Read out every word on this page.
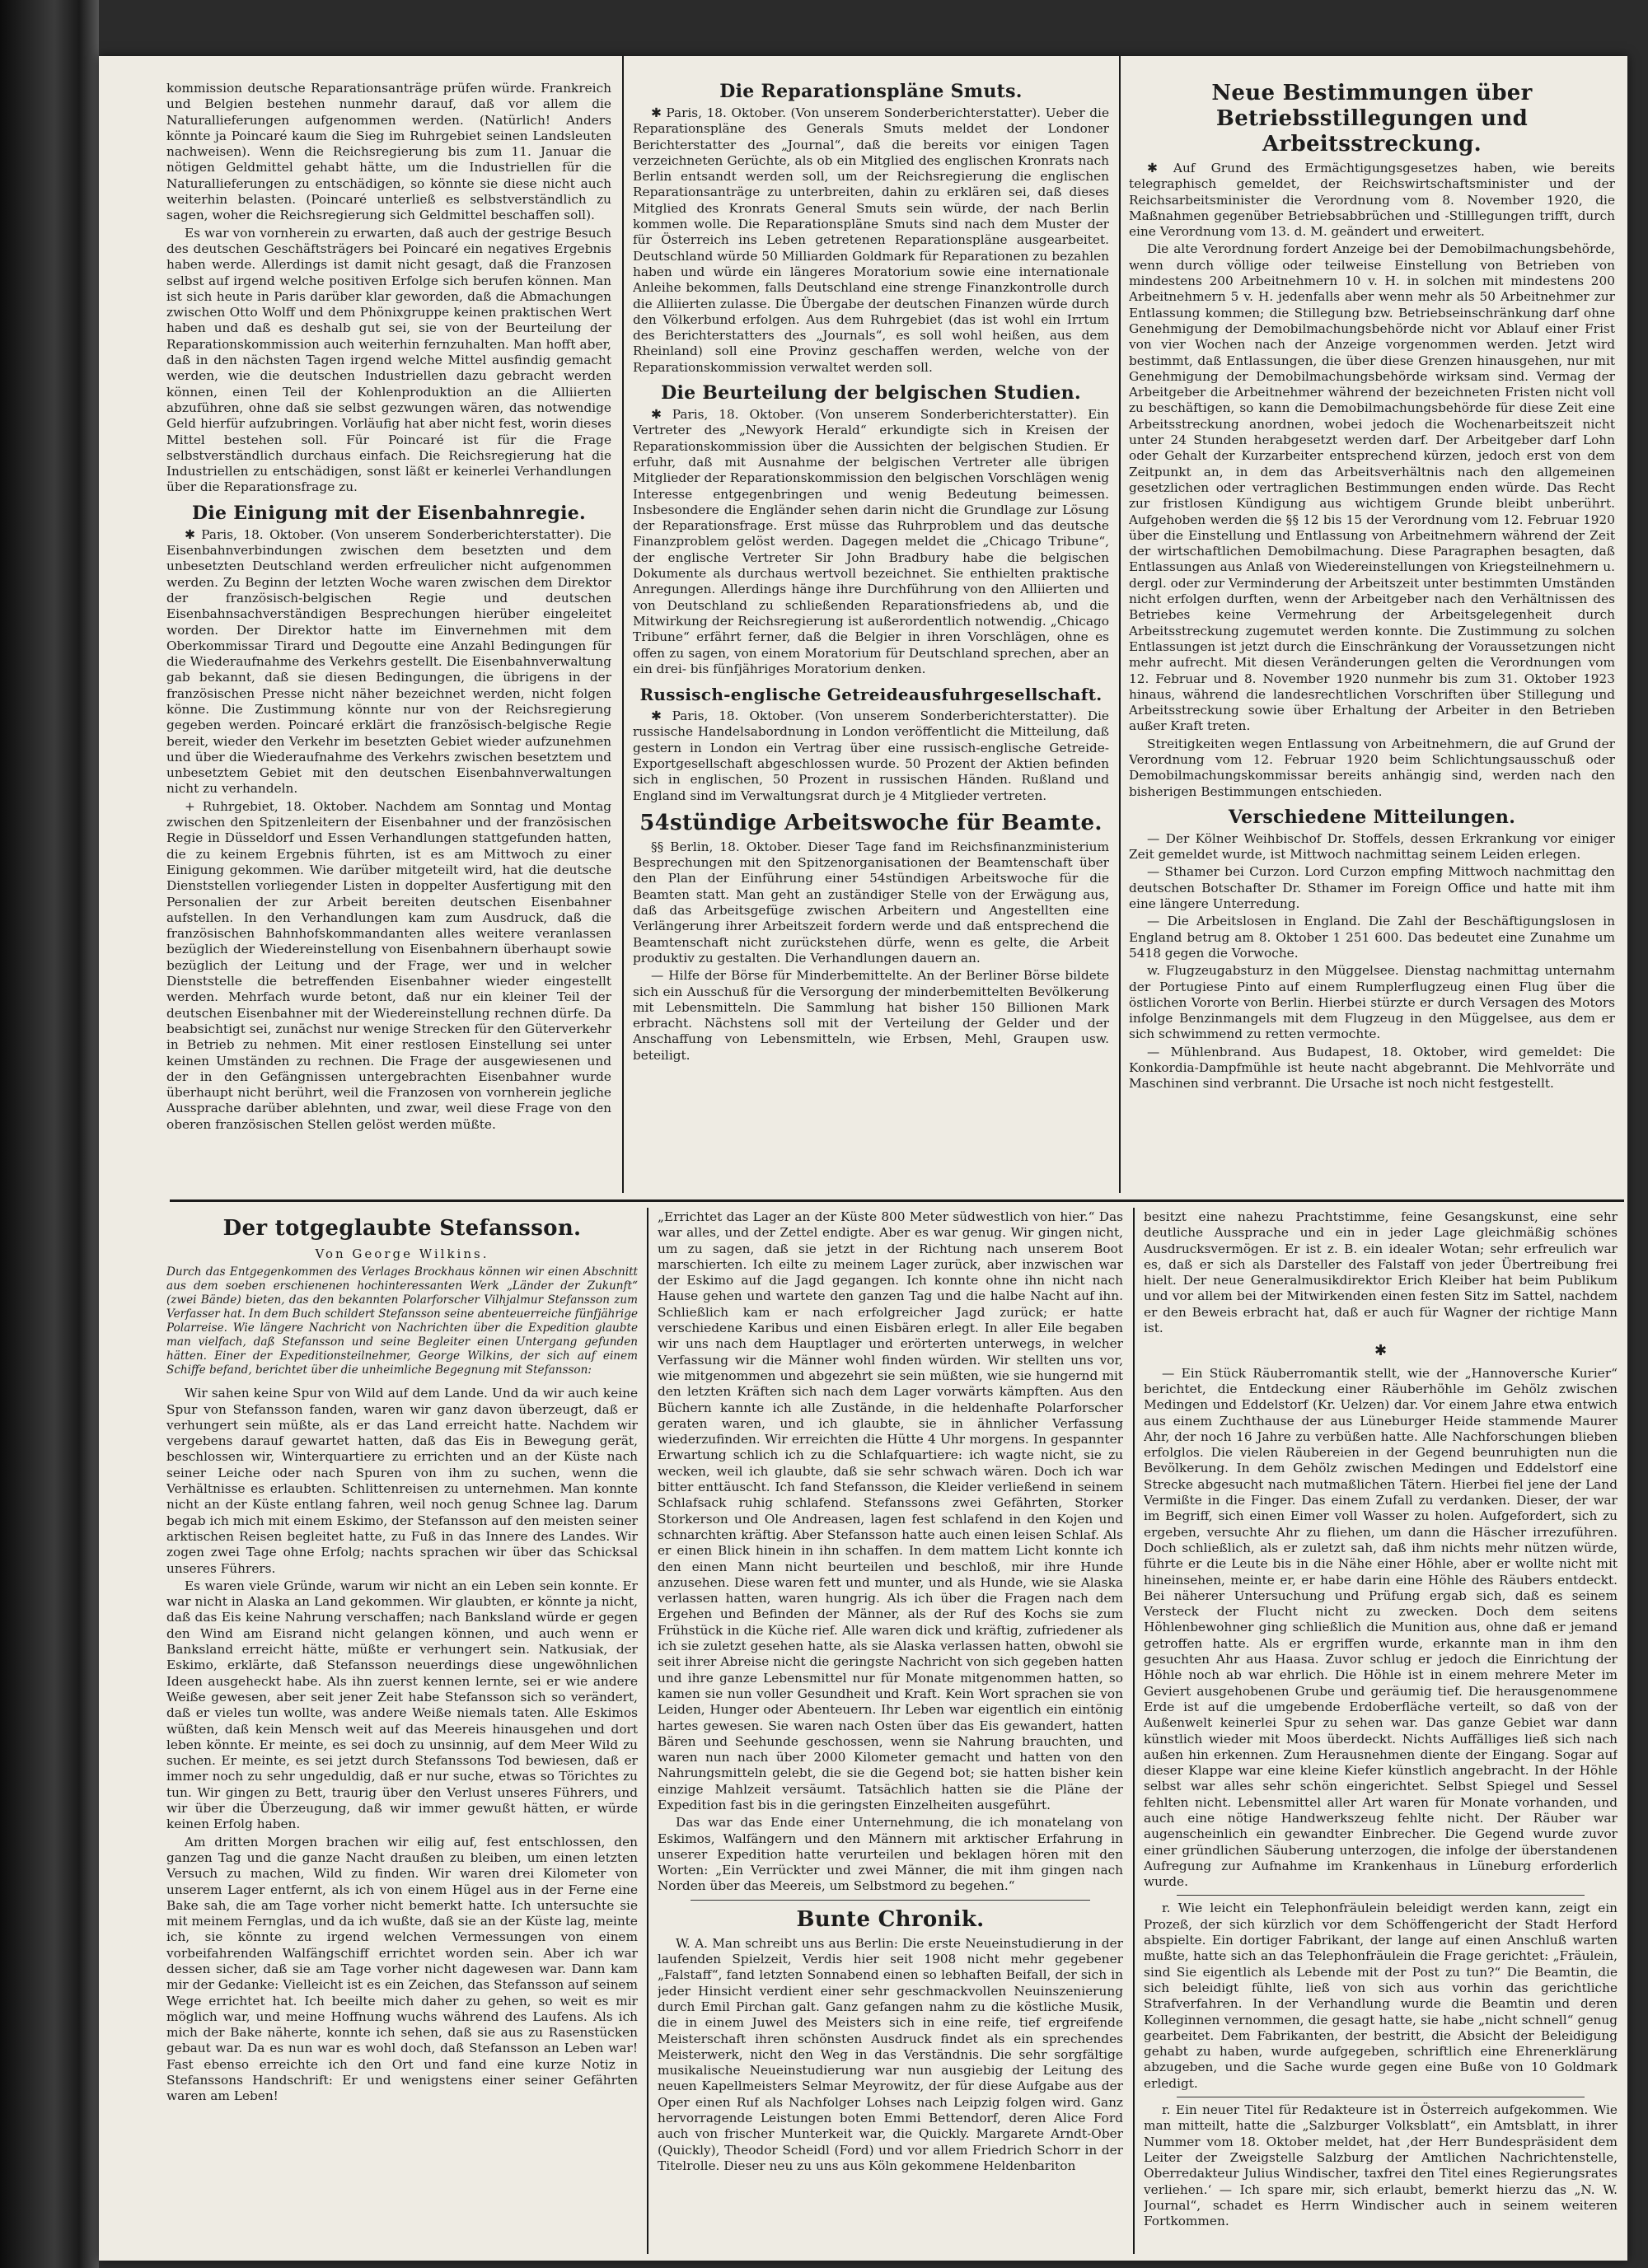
kommission deutsche Reparationsanträge prüfen würde. Frankreich und Belgien bestehen nunmehr darauf, daß vor allem die Naturallieferungen aufgenommen werden. (Natürlich! Anders könnte ja Poincaré kaum die Sieg im Ruhrgebiet seinen Landsleuten nachweisen). Wenn die Reichsregierung bis zum 11. Januar die nötigen Geldmittel gehabt hätte, um die Industriellen für die Naturallieferungen zu entschädigen, so könnte sie diese nicht auch weiterhin belasten. (Poincaré unterließ es selbstverständlich zu sagen, woher die Reichsregierung sich Geldmittel beschaffen soll).

Es war von vornherein zu erwarten, daß auch der gestrige Besuch des deutschen Geschäftsträgers bei Poincaré ein negatives Ergebnis haben werde. Allerdings ist damit nicht gesagt, daß die Franzosen selbst auf irgend welche positiven Erfolge sich berufen können. Man ist sich heute in Paris darüber klar geworden, daß die Abmachungen zwischen Otto Wolff und dem Phönixgruppe keinen praktischen Wert haben und daß es deshalb gut sei, sie von der Beurteilung der Reparationskommission auch weiterhin fernzuhalten. Man hofft aber, daß in den nächsten Tagen irgend welche Mittel ausfindig gemacht werden, wie die deutschen Industriellen dazu gebracht werden können, einen Teil der Kohlenproduktion an die Alliierten abzuführen, ohne daß sie selbst gezwungen wären, das notwendige Geld hierfür aufzubringen. Vorläufig hat aber nicht fest, worin dieses Mittel bestehen soll. Für Poincaré ist für die Frage selbstverständlich durchaus einfach. Die Reichsregierung hat die Industriellen zu entschädigen, sonst läßt er keinerlei Verhandlungen über die Reparationsfrage zu.

Die Einigung mit der Eisenbahnregie.

✱ Paris, 18. Oktober. (Von unserem Sonderberichterstatter). Die Eisenbahnverbindungen zwischen dem besetzten und dem unbesetzten Deutschland werden erfreulicher nicht aufgenommen werden. Zu Beginn der letzten Woche waren zwischen dem Direktor der französisch-belgischen Regie und deutschen Eisenbahnsachverständigen Besprechungen hierüber eingeleitet worden. Der Direktor hatte im Einvernehmen mit dem Oberkommissar Tirard und Degoutte eine Anzahl Bedingungen für die Wiederaufnahme des Verkehrs gestellt. Die Eisenbahnverwaltung gab bekannt, daß sie diesen Bedingungen, die übrigens in der französischen Presse nicht näher bezeichnet werden, nicht folgen könne. Die Zustimmung könnte nur von der Reichsregierung gegeben werden. Poincaré erklärt die französisch-belgische Regie bereit, wieder den Verkehr im besetzten Gebiet wieder aufzunehmen und über die Wiederaufnahme des Verkehrs zwischen besetztem und unbesetztem Gebiet mit den deutschen Eisenbahnverwaltungen nicht zu verhandeln.

+ Ruhrgebiet, 18. Oktober. Nachdem am Sonntag und Montag zwischen den Spitzenleitern der Eisenbahner und der französischen Regie in Düsseldorf und Essen Verhandlungen stattgefunden hatten, die zu keinem Ergebnis führten, ist es am Mittwoch zu einer Einigung gekommen. Wie darüber mitgeteilt wird, hat die deutsche Dienststellen vorliegender Listen in doppelter Ausfertigung mit den Personalien der zur Arbeit bereiten deutschen Eisenbahner aufstellen. In den Verhandlungen kam zum Ausdruck, daß die französischen Bahnhofskommandanten alles weitere veranlassen bezüglich der Wiedereinstellung von Eisenbahnern überhaupt sowie bezüglich der Leitung und der Frage, wer und in welcher Dienststelle die betreffenden Eisenbahner wieder eingestellt werden. Mehrfach wurde betont, daß nur ein kleiner Teil der deutschen Eisenbahner mit der Wiedereinstellung rechnen dürfe. Da beabsichtigt sei, zunächst nur wenige Strecken für den Güterverkehr in Betrieb zu nehmen. Mit einer restlosen Einstellung sei unter keinen Umständen zu rechnen. Die Frage der ausgewiesenen und der in den Gefängnissen untergebrachten Eisenbahner wurde überhaupt nicht berührt, weil die Franzosen von vornherein jegliche Aussprache darüber ablehnten, und zwar, weil diese Frage von den oberen französischen Stellen gelöst werden müßte.

Die Reparationspläne Smuts.

✱ Paris, 18. Oktober. (Von unserem Sonderberichterstatter). Ueber die Reparationspläne des Generals Smuts meldet der Londoner Berichterstatter des „Journal“, daß die bereits vor einigen Tagen verzeichneten Gerüchte, als ob ein Mitglied des englischen Kronrats nach Berlin entsandt werden soll, um der Reichsregierung die englischen Reparationsanträge zu unterbreiten, dahin zu erklären sei, daß dieses Mitglied des Kronrats General Smuts sein würde, der nach Berlin kommen wolle. Die Reparationspläne Smuts sind nach dem Muster der für Österreich ins Leben getretenen Reparationspläne ausgearbeitet. Deutschland würde 50 Milliarden Goldmark für Reparationen zu bezahlen haben und würde ein längeres Moratorium sowie eine internationale Anleihe bekommen, falls Deutschland eine strenge Finanzkontrolle durch die Alliierten zulasse. Die Übergabe der deutschen Finanzen würde durch den Völkerbund erfolgen. Aus dem Ruhrgebiet (das ist wohl ein Irrtum des Berichterstatters des „Journals“, es soll wohl heißen, aus dem Rheinland) soll eine Provinz geschaffen werden, welche von der Reparationskommission verwaltet werden soll.

Die Beurteilung der belgischen Studien.

✱ Paris, 18. Oktober. (Von unserem Sonderberichterstatter). Ein Vertreter des „Newyork Herald“ erkundigte sich in Kreisen der Reparationskommission über die Aussichten der belgischen Studien. Er erfuhr, daß mit Ausnahme der belgischen Vertreter alle übrigen Mitglieder der Reparationskommission den belgischen Vorschlägen wenig Interesse entgegenbringen und wenig Bedeutung beimessen. Insbesondere die Engländer sehen darin nicht die Grundlage zur Lösung der Reparationsfrage. Erst müsse das Ruhrproblem und das deutsche Finanzproblem gelöst werden. Dagegen meldet die „Chicago Tribune“, der englische Vertreter Sir John Bradbury habe die belgischen Dokumente als durchaus wertvoll bezeichnet. Sie enthielten praktische Anregungen. Allerdings hänge ihre Durchführung von den Alliierten und von Deutschland zu schließenden Reparationsfriedens ab, und die Mitwirkung der Reichsregierung ist außerordentlich notwendig. „Chicago Tribune“ erfährt ferner, daß die Belgier in ihren Vorschlägen, ohne es offen zu sagen, von einem Moratorium für Deutschland sprechen, aber an ein drei- bis fünfjähriges Moratorium denken.

Russisch-englische Getreideausfuhrgesellschaft.

✱ Paris, 18. Oktober. (Von unserem Sonderberichterstatter). Die russische Handelsabordnung in London veröffentlicht die Mitteilung, daß gestern in London ein Vertrag über eine russisch-englische Getreide-Exportgesellschaft abgeschlossen wurde. 50 Prozent der Aktien befinden sich in englischen, 50 Prozent in russischen Händen. Rußland und England sind im Verwaltungsrat durch je 4 Mitglieder vertreten.

54stündige Arbeitswoche für Beamte.

§§ Berlin, 18. Oktober. Dieser Tage fand im Reichsfinanzministerium Besprechungen mit den Spitzenorganisationen der Beamtenschaft über den Plan der Einführung einer 54stündigen Arbeitswoche für die Beamten statt. Man geht an zuständiger Stelle von der Erwägung aus, daß das Arbeitsgefüge zwischen Arbeitern und Angestellten eine Verlängerung ihrer Arbeitszeit fordern werde und daß entsprechend die Beamtenschaft nicht zurückstehen dürfe, wenn es gelte, die Arbeit produktiv zu gestalten. Die Verhandlungen dauern an.

— Hilfe der Börse für Minderbemittelte. An der Berliner Börse bildete sich ein Ausschuß für die Versorgung der minderbemittelten Bevölkerung mit Lebensmitteln. Die Sammlung hat bisher 150 Billionen Mark erbracht. Nächstens soll mit der Verteilung der Gelder und der Anschaffung von Lebensmitteln, wie Erbsen, Mehl, Graupen usw. beteiligt.

Neue Bestimmungen über Betriebsstillegungen und Arbeitsstreckung.

✱ Auf Grund des Ermächtigungsgesetzes haben, wie bereits telegraphisch gemeldet, der Reichswirtschaftsminister und der Reichsarbeitsminister die Verordnung vom 8. November 1920, die Maßnahmen gegenüber Betriebsabbrüchen und -Stilllegungen trifft, durch eine Verordnung vom 13. d. M. geändert und erweitert.

Die alte Verordnung fordert Anzeige bei der Demobilmachungsbehörde, wenn durch völlige oder teilweise Einstellung von Betrieben von mindestens 200 Arbeitnehmern 10 v. H. in solchen mit mindestens 200 Arbeitnehmern 5 v. H. jedenfalls aber wenn mehr als 50 Arbeitnehmer zur Entlassung kommen; die Stillegung bzw. Betriebseinschränkung darf ohne Genehmigung der Demobilmachungsbehörde nicht vor Ablauf einer Frist von vier Wochen nach der Anzeige vorgenommen werden. Jetzt wird bestimmt, daß Entlassungen, die über diese Grenzen hinausgehen, nur mit Genehmigung der Demobilmachungsbehörde wirksam sind. Vermag der Arbeitgeber die Arbeitnehmer während der bezeichneten Fristen nicht voll zu beschäftigen, so kann die Demobilmachungsbehörde für diese Zeit eine Arbeitsstreckung anordnen, wobei jedoch die Wochenarbeitszeit nicht unter 24 Stunden herabgesetzt werden darf. Der Arbeitgeber darf Lohn oder Gehalt der Kurzarbeiter entsprechend kürzen, jedoch erst von dem Zeitpunkt an, in dem das Arbeitsverhältnis nach den allgemeinen gesetzlichen oder vertraglichen Bestimmungen enden würde. Das Recht zur fristlosen Kündigung aus wichtigem Grunde bleibt unberührt. Aufgehoben werden die §§ 12 bis 15 der Verordnung vom 12. Februar 1920 über die Einstellung und Entlassung von Arbeitnehmern während der Zeit der wirtschaftlichen Demobilmachung. Diese Paragraphen besagten, daß Entlassungen aus Anlaß von Wiedereinstellungen von Kriegsteilnehmern u. dergl. oder zur Verminderung der Arbeitszeit unter bestimmten Umständen nicht erfolgen durften, wenn der Arbeitgeber nach den Verhältnissen des Betriebes keine Vermehrung der Arbeitsgelegenheit durch Arbeitsstreckung zugemutet werden konnte. Die Zustimmung zu solchen Entlassungen ist jetzt durch die Einschränkung der Voraussetzungen nicht mehr aufrecht. Mit diesen Veränderungen gelten die Verordnungen vom 12. Februar und 8. November 1920 nunmehr bis zum 31. Oktober 1923 hinaus, während die landesrechtlichen Vorschriften über Stillegung und Arbeitsstreckung sowie über Erhaltung der Arbeiter in den Betrieben außer Kraft treten.

Streitigkeiten wegen Entlassung von Arbeitnehmern, die auf Grund der Verordnung vom 12. Februar 1920 beim Schlichtungsausschuß oder Demobilmachungskommissar bereits anhängig sind, werden nach den bisherigen Bestimmungen entschieden.

Verschiedene Mitteilungen.

— Der Kölner Weihbischof Dr. Stoffels, dessen Erkrankung vor einiger Zeit gemeldet wurde, ist Mittwoch nachmittag seinem Leiden erlegen.

— Sthamer bei Curzon. Lord Curzon empfing Mittwoch nachmittag den deutschen Botschafter Dr. Sthamer im Foreign Office und hatte mit ihm eine längere Unterredung.

— Die Arbeitslosen in England. Die Zahl der Beschäftigungslosen in England betrug am 8. Oktober 1 251 600. Das bedeutet eine Zunahme um 5418 gegen die Vorwoche.

w. Flugzeugabsturz in den Müggelsee. Dienstag nachmittag unternahm der Portugiese Pinto auf einem Rumplerflugzeug einen Flug über die östlichen Vororte von Berlin. Hierbei stürzte er durch Versagen des Motors infolge Benzinmangels mit dem Flugzeug in den Müggelsee, aus dem er sich schwimmend zu retten vermochte.

— Mühlenbrand. Aus Budapest, 18. Oktober, wird gemeldet: Die Konkordia-Dampfmühle ist heute nacht abgebrannt. Die Mehlvorräte und Maschinen sind verbrannt. Die Ursache ist noch nicht festgestellt.

Der totgeglaubte Stefansson.
Von George Wilkins.
Durch das Entgegenkommen des Verlages Brockhaus können wir einen Abschnitt aus dem soeben erschienenen hochinteressanten Werk „Länder der Zukunft“ (zwei Bände) bieten, das den bekannten Polarforscher Vilhjalmur Stefansson zum Verfasser hat. In dem Buch schildert Stefansson seine abenteuerreiche fünfjährige Polarreise. Wie längere Nachricht von Nachrichten über die Expedition glaubte man vielfach, daß Stefansson und seine Begleiter einen Untergang gefunden hätten. Einer der Expeditionsteilnehmer, George Wilkins, der sich auf einem Schiffe befand, berichtet über die unheimliche Begegnung mit Stefansson:

Wir sahen keine Spur von Wild auf dem Lande. Und da wir auch keine Spur von Stefansson fanden, waren wir ganz davon überzeugt, daß er verhungert sein müßte, als er das Land erreicht hatte. Nachdem wir vergebens darauf gewartet hatten, daß das Eis in Bewegung gerät, beschlossen wir, Winterquartiere zu errichten und an der Küste nach seiner Leiche oder nach Spuren von ihm zu suchen, wenn die Verhältnisse es erlaubten. Schlittenreisen zu unternehmen. Man konnte nicht an der Küste entlang fahren, weil noch genug Schnee lag. Darum begab ich mich mit einem Eskimo, der Stefansson auf den meisten seiner arktischen Reisen begleitet hatte, zu Fuß in das Innere des Landes. Wir zogen zwei Tage ohne Erfolg; nachts sprachen wir über das Schicksal unseres Führers.

Es waren viele Gründe, warum wir nicht an ein Leben sein konnte. Er war nicht in Alaska an Land gekommen. Wir glaubten, er könnte ja nicht, daß das Eis keine Nahrung verschaffen; nach Banksland würde er gegen den Wind am Eisrand nicht gelangen können, und auch wenn er Banksland erreicht hätte, müßte er verhungert sein. Natkusiak, der Eskimo, erklärte, daß Stefansson neuerdings diese ungewöhnlichen Ideen ausgeheckt habe. Als ihn zuerst kennen lernte, sei er wie andere Weiße gewesen, aber seit jener Zeit habe Stefansson sich so verändert, daß er vieles tun wollte, was andere Weiße niemals taten. Alle Eskimos wüßten, daß kein Mensch weit auf das Meereis hinausgehen und dort leben könnte. Er meinte, es sei doch zu unsinnig, auf dem Meer Wild zu suchen. Er meinte, es sei jetzt durch Stefanssons Tod bewiesen, daß er immer noch zu sehr ungeduldig, daß er nur suche, etwas so Törichtes zu tun. Wir gingen zu Bett, traurig über den Verlust unseres Führers, und wir über die Überzeugung, daß wir immer gewußt hätten, er würde keinen Erfolg haben.

Am dritten Morgen brachen wir eilig auf, fest entschlossen, den ganzen Tag und die ganze Nacht draußen zu bleiben, um einen letzten Versuch zu machen, Wild zu finden. Wir waren drei Kilometer von unserem Lager entfernt, als ich von einem Hügel aus in der Ferne eine Bake sah, die am Tage vorher nicht bemerkt hatte. Ich untersuchte sie mit meinem Fernglas, und da ich wußte, daß sie an der Küste lag, meinte ich, sie könnte zu irgend welchen Vermessungen von einem vorbeifahrenden Walfängschiff errichtet worden sein. Aber ich war dessen sicher, daß sie am Tage vorher nicht dagewesen war. Dann kam mir der Gedanke: Vielleicht ist es ein Zeichen, das Stefansson auf seinem Wege errichtet hat. Ich beeilte mich daher zu gehen, so weit es mir möglich war, und meine Hoffnung wuchs während des Laufens. Als ich mich der Bake näherte, konnte ich sehen, daß sie aus zu Rasenstücken gebaut war. Da es nun war es wohl doch, daß Stefansson an Leben war! Fast ebenso erreichte ich den Ort und fand eine kurze Notiz in Stefanssons Handschrift: Er und wenigstens einer seiner Gefährten waren am Leben!

„Errichtet das Lager an der Küste 800 Meter südwestlich von hier.“ Das war alles, und der Zettel endigte. Aber es war genug. Wir gingen nicht, um zu sagen, daß sie jetzt in der Richtung nach unserem Boot marschierten. Ich eilte zu meinem Lager zurück, aber inzwischen war der Eskimo auf die Jagd gegangen. Ich konnte ohne ihn nicht nach Hause gehen und wartete den ganzen Tag und die halbe Nacht auf ihn. Schließlich kam er nach erfolgreicher Jagd zurück; er hatte verschiedene Karibus und einen Eisbären erlegt. In aller Eile begaben wir uns nach dem Hauptlager und erörterten unterwegs, in welcher Verfassung wir die Männer wohl finden würden. Wir stellten uns vor, wie mitgenommen und abgezehrt sie sein müßten, wie sie hungernd mit den letzten Kräften sich nach dem Lager vorwärts kämpften. Aus den Büchern kannte ich alle Zustände, in die heldenhafte Polarforscher geraten waren, und ich glaubte, sie in ähnlicher Verfassung wiederzufinden. Wir erreichten die Hütte 4 Uhr morgens. In gespannter Erwartung schlich ich zu die Schlafquartiere: ich wagte nicht, sie zu wecken, weil ich glaubte, daß sie sehr schwach wären. Doch ich war bitter enttäuscht. Ich fand Stefansson, die Kleider verließend in seinem Schlafsack ruhig schlafend. Stefanssons zwei Gefährten, Storker Storkerson und Ole Andreasen, lagen fest schlafend in den Kojen und schnarchten kräftig. Aber Stefansson hatte auch einen leisen Schlaf. Als er einen Blick hinein in ihn schaffen. In dem mattem Licht konnte ich den einen Mann nicht beurteilen und beschloß, mir ihre Hunde anzusehen. Diese waren fett und munter, und als Hunde, wie sie Alaska verlassen hatten, waren hungrig. Als ich über die Fragen nach dem Ergehen und Befinden der Männer, als der Ruf des Kochs sie zum Frühstück in die Küche rief. Alle waren dick und kräftig, zufriedener als ich sie zuletzt gesehen hatte, als sie Alaska verlassen hatten, obwohl sie seit ihrer Abreise nicht die geringste Nachricht von sich gegeben hatten und ihre ganze Lebensmittel nur für Monate mitgenommen hatten, so kamen sie nun voller Gesundheit und Kraft. Kein Wort sprachen sie von Leiden, Hunger oder Abenteuern. Ihr Leben war eigentlich ein eintönig hartes gewesen. Sie waren nach Osten über das Eis gewandert, hatten Bären und Seehunde geschossen, wenn sie Nahrung brauchten, und waren nun nach über 2000 Kilometer gemacht und hatten von den Nahrungsmitteln gelebt, die sie die Gegend bot; sie hatten bisher kein einzige Mahlzeit versäumt. Tatsächlich hatten sie die Pläne der Expedition fast bis in die geringsten Einzelheiten ausgeführt.

Das war das Ende einer Unternehmung, die ich monatelang von Eskimos, Walfängern und den Männern mit arktischer Erfahrung in unserer Expedition hatte verurteilen und beklagen hören mit den Worten: „Ein Verrückter und zwei Männer, die mit ihm gingen nach Norden über das Meereis, um Selbstmord zu begehen.“

Bunte Chronik.

W. A. Man schreibt uns aus Berlin: Die erste Neueinstudierung in der laufenden Spielzeit, Verdis hier seit 1908 nicht mehr gegebener „Falstaff“, fand letzten Sonnabend einen so lebhaften Beifall, der sich in jeder Hinsicht verdient einer sehr geschmackvollen Neuinszenierung durch Emil Pirchan galt. Ganz gefangen nahm zu die köstliche Musik, die in einem Juwel des Meisters sich in eine reife, tief ergreifende Meisterschaft ihren schönsten Ausdruck findet als ein sprechendes Meisterwerk, nicht den Weg in das Verständnis. Die sehr sorgfältige musikalische Neueinstudierung war nun ausgiebig der Leitung des neuen Kapellmeisters Selmar Meyrowitz, der für diese Aufgabe aus der Oper einen Ruf als Nachfolger Lohses nach Leipzig folgen wird. Ganz hervorragende Leistungen boten Emmi Bettendorf, deren Alice Ford auch von frischer Munterkeit war, die Quickly. Margarete Arndt-Ober (Quickly), Theodor Scheidl (Ford) und vor allem Friedrich Schorr in der Titelrolle. Dieser neu zu uns aus Köln gekommene Heldenbariton

besitzt eine nahezu Prachtstimme, feine Gesangskunst, eine sehr deutliche Aussprache und ein in jeder Lage gleichmäßig schönes Ausdrucksvermögen. Er ist z. B. ein idealer Wotan; sehr erfreulich war es, daß er sich als Darsteller des Falstaff von jeder Übertreibung frei hielt. Der neue Generalmusikdirektor Erich Kleiber hat beim Publikum und vor allem bei der Mitwirkenden einen festen Sitz im Sattel, nachdem er den Beweis erbracht hat, daß er auch für Wagner der richtige Mann ist.

✱

— Ein Stück Räuberromantik stellt, wie der „Hannoversche Kurier“ berichtet, die Entdeckung einer Räuberhöhle im Gehölz zwischen Medingen und Eddelstorf (Kr. Uelzen) dar. Vor einem Jahre etwa entwich aus einem Zuchthause der aus Lüneburger Heide stammende Maurer Ahr, der noch 16 Jahre zu verbüßen hatte. Alle Nachforschungen blieben erfolglos. Die vielen Räubereien in der Gegend beunruhigten nun die Bevölkerung. In dem Gehölz zwischen Medingen und Eddelstorf eine Strecke abgesucht nach mutmaßlichen Tätern. Hierbei fiel jene der Land Vermißte in die Finger. Das einem Zufall zu verdanken. Dieser, der war im Begriff, sich einen Eimer voll Wasser zu holen. Aufgefordert, sich zu ergeben, versuchte Ahr zu fliehen, um dann die Häscher irrezuführen. Doch schließlich, als er zuletzt sah, daß ihm nichts mehr nützen würde, führte er die Leute bis in die Nähe einer Höhle, aber er wollte nicht mit hineinsehen, meinte er, er habe darin eine Höhle des Räubers entdeckt. Bei näherer Untersuchung und Prüfung ergab sich, daß es seinem Versteck der Flucht nicht zu zwecken. Doch dem seitens Höhlenbewohner ging schließlich die Munition aus, ohne daß er jemand getroffen hatte. Als er ergriffen wurde, erkannte man in ihm den gesuchten Ahr aus Haasa. Zuvor schlug er jedoch die Einrichtung der Höhle noch ab war ehrlich. Die Höhle ist in einem mehrere Meter im Geviert ausgehobenen Grube und geräumig tief. Die herausgenommene Erde ist auf die umgebende Erdoberfläche verteilt, so daß von der Außenwelt keinerlei Spur zu sehen war. Das ganze Gebiet war dann künstlich wieder mit Moos überdeckt. Nichts Auffälliges ließ sich nach außen hin erkennen. Zum Herausnehmen diente der Eingang. Sogar auf dieser Klappe war eine kleine Kiefer künstlich angebracht. In der Höhle selbst war alles sehr schön eingerichtet. Selbst Spiegel und Sessel fehlten nicht. Lebensmittel aller Art waren für Monate vorhanden, und auch eine nötige Handwerkszeug fehlte nicht. Der Räuber war augenscheinlich ein gewandter Einbrecher. Die Gegend wurde zuvor einer gründlichen Säuberung unterzogen, die infolge der überstandenen Aufregung zur Aufnahme im Krankenhaus in Lüneburg erforderlich wurde.

r. Wie leicht ein Telephonfräulein beleidigt werden kann, zeigt ein Prozeß, der sich kürzlich vor dem Schöffengericht der Stadt Herford abspielte. Ein dortiger Fabrikant, der lange auf einen Anschluß warten mußte, hatte sich an das Telephonfräulein die Frage gerichtet: „Fräulein, sind Sie eigentlich als Lebende mit der Post zu tun?“ Die Beamtin, die sich beleidigt fühlte, ließ von sich aus vorhin das gerichtliche Strafverfahren. In der Verhandlung wurde die Beamtin und deren Kolleginnen vernommen, die gesagt hatte, sie habe „nicht schnell“ genug gearbeitet. Dem Fabrikanten, der bestritt, die Absicht der Beleidigung gehabt zu haben, wurde aufgegeben, schriftlich eine Ehrenerklärung abzugeben, und die Sache wurde gegen eine Buße von 10 Goldmark erledigt.

r. Ein neuer Titel für Redakteure ist in Österreich aufgekommen. Wie man mitteilt, hatte die „Salzburger Volksblatt“, ein Amtsblatt, in ihrer Nummer vom 18. Oktober meldet, hat ‚der Herr Bundespräsident dem Leiter der Zweigstelle Salzburg der Amtlichen Nachrichtenstelle, Oberredakteur Julius Windischer, taxfrei den Titel eines Regierungsrates verliehen.‘ — Ich spare mir, sich erlaubt, bemerkt hierzu das „N. W. Journal“, schadet es Herrn Windischer auch in seinem weiteren Fortkommen.
